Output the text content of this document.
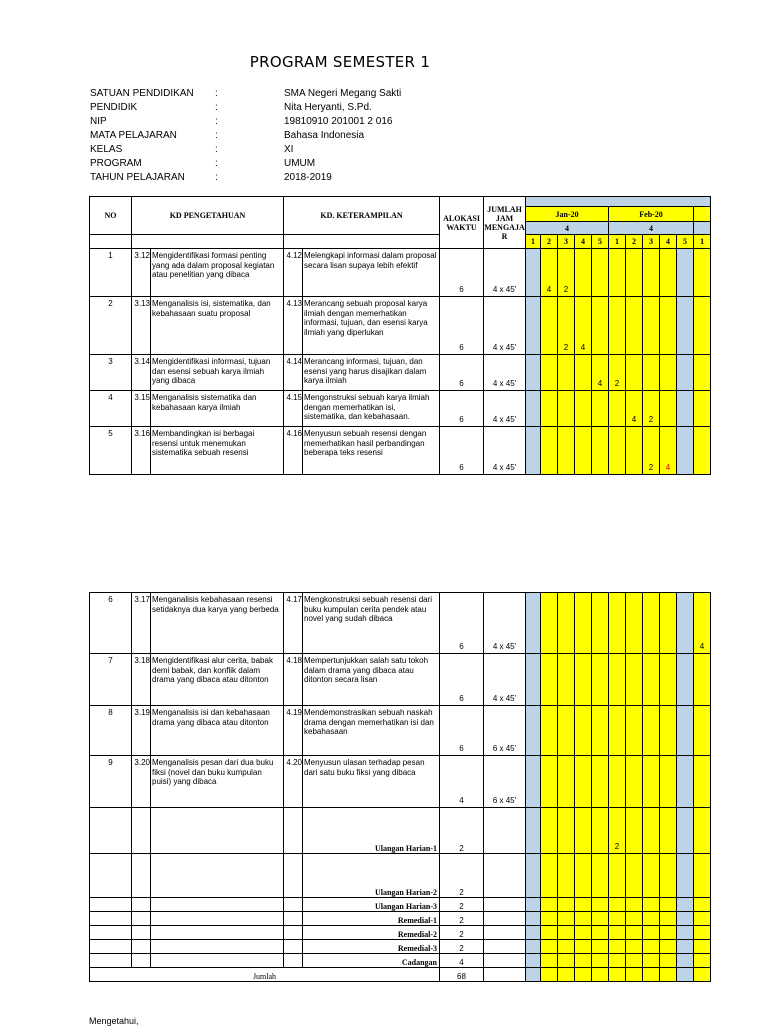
PROGRAM SEMESTER 1
SATUAN PENDIDIKAN :	SMA Negeri Megang Sakti
PENDIDIK	:	Nita Heryanti, S.Pd.
NIP	:	19810910 201001 2 016
MATA PELAJARAN	:	Bahasa Indonesia
KELAS	:	XI
PROGRAM	:	UMUM
TAHUN PELAJARAN	:	2018-2019
NO	KD PENGETAHUAN		KD. KETERAMPILAN		ALOKASI WAKTU	JUMLAH JAM MENGAJA R											
							Jan-20					Feb-20					
							4					4					
							1	2	3	4	5	1	2	3	4	5	1
1	3.12	Mengidentifikasi formasi penting yang ada dalam proposal kegiatan atau penelitian yang dibaca	4.12	Melengkapi informasi dalam proposal secara lisan supaya lebih efektif	6	4 x 45'		4	2								
2	3.13	Menganalisis isi, sistematika, dan kebahasaan suatu proposal	4.13	Merancang sebuah proposal karya ilmiah dengan memerhatikan informasi, tujuan, dan esensi karya ilmiah yang diperlukan	6	4 x 45'			2	4							
3	3.14	Mengidentifikasi informasi, tujuan dan esensi sebuah karya ilmiah yang dibaca	4.14	Merancang informasi, tujuan, dan esensi yang harus disajikan dalam karya ilmiah	6	4 x 45'					4	2					
4	3.15	Menganalisis sistematika dan kebahasaan karya ilmiah	4.15	Mengonstruksi sebuah karya ilmiah dengan memerhatikan isi, sistematika, dan kebahasaan.	6	4 x 45'							4	2			
5	3.16	Membandingkan isi berbagai resensi untuk menemukan sistematika sebuah resensi	4.16	Menyusun sebuah resensi dengan memerhatikan hasil perbandingan beberapa teks resensi	6	4 x 45'								2	4		
6	3.17	Menganalisis kebahasaan resensi setidaknya dua karya yang berbeda	4.17	Mengkonstruksi sebuah resensi dari buku kumpulan cerita pendek atau novel yang sudah dibaca	6	4 x 45'											4
7	3.18	Mengidentifikasi alur cerita, babak demi babak, dan konflik dalam drama yang dibaca atau ditonton	4.18	Mempertunjukkan salah satu tokoh dalam drama yang dibaca atau ditonton secara lisan	6	4 x 45'											
8	3.19	Menganalisis isi dan kebahasaan drama yang dibaca atau ditonton	4.19	Mendemonstrasikan sebuah naskah drama dengan memerhatikan isi dan kebahasaan	6	6 x 45'											
9	3.20	Menganalisis pesan dari dua buku fiksi (novel dan buku kumpulan puisi) yang dibaca	4.20	Menyusun ulasan terhadap pesan dari satu buku fiksi yang dibaca	4	6 x 45'											
				Ulangan Harian-1	2							2					
				Ulangan Harian-2	2												
				Ulangan Harian-3	2												
				Remedial-1	2												
				Remedial-2	2												
				Remedial-3	2												
				Cadangan	4												
Jumlah					68												
Mengetahui,
